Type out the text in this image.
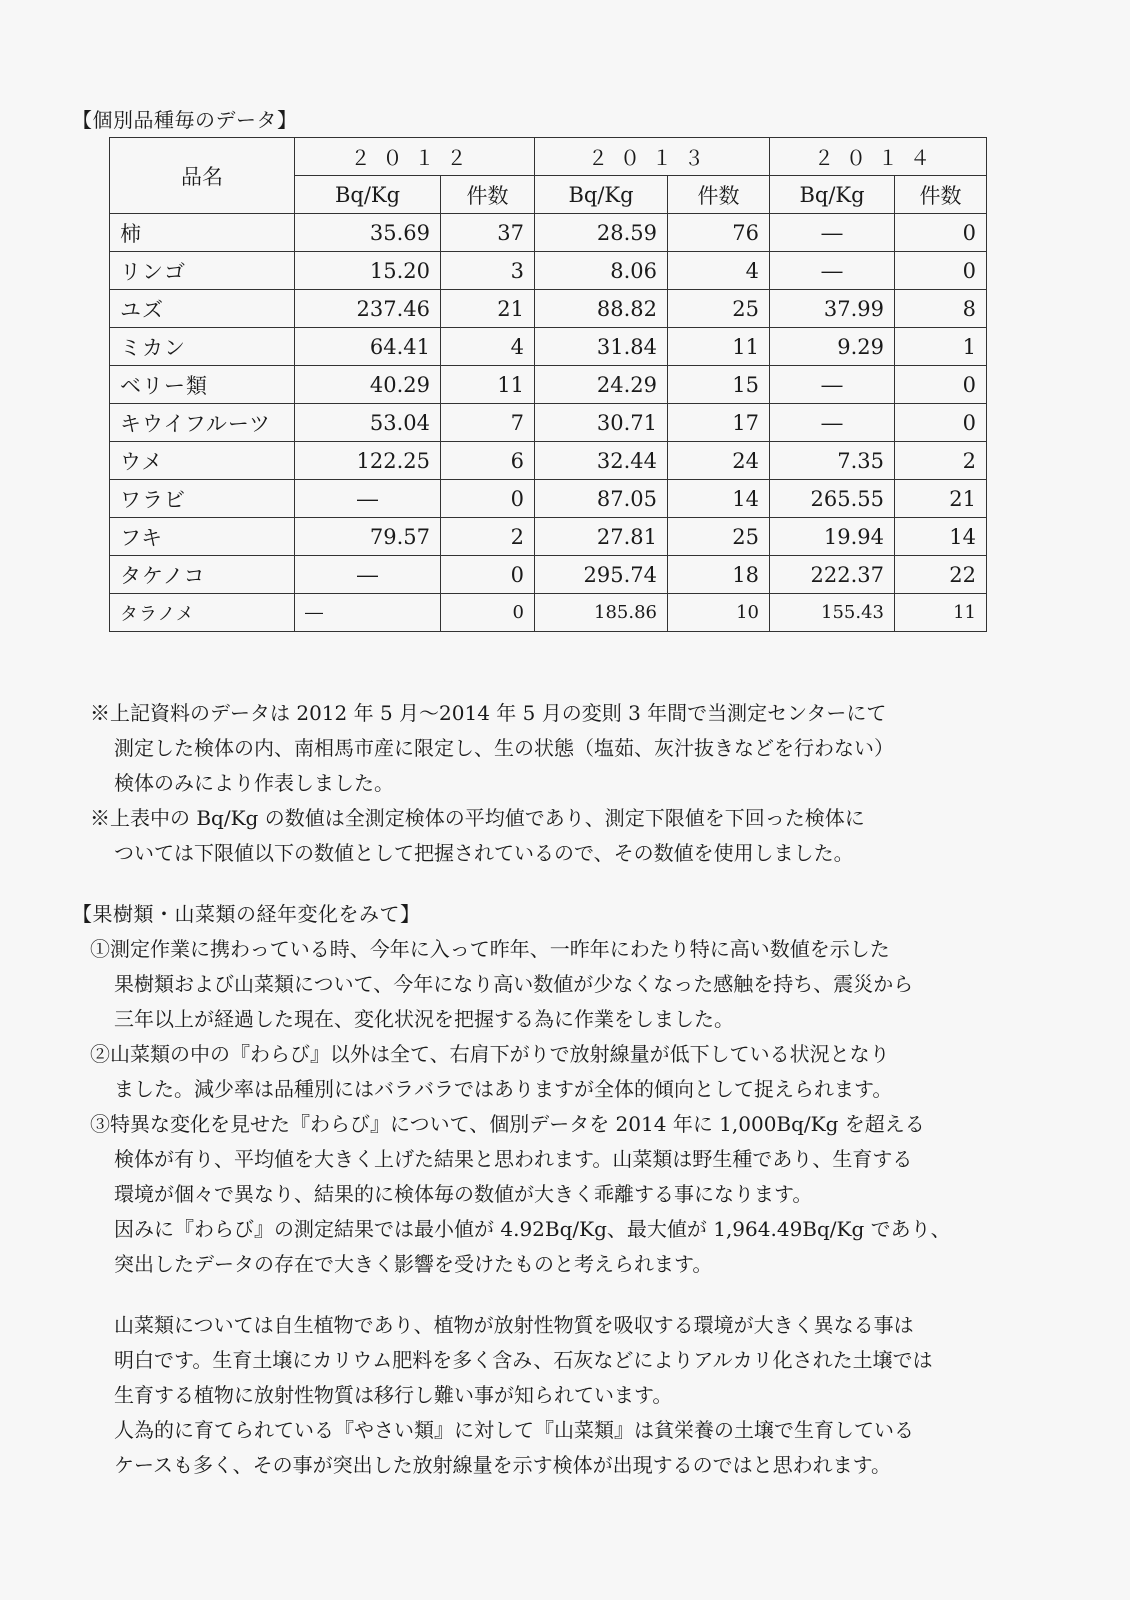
【個別品種毎のデータ】
品名	２０１２		２０１３		２０１４	
	Bq/Kg	件数	Bq/Kg	件数	Bq/Kg	件数
柿	35.69	37	28.59	76	―	0
リンゴ	15.20	3	8.06	4	―	0
ユズ	237.46	21	88.82	25	37.99	8
ミカン	64.41	4	31.84	11	9.29	1
ベリー類	40.29	11	24.29	15	―	0
キウイフルーツ	53.04	7	30.71	17	―	0
ウメ	122.25	6	32.44	24	7.35	2
ワラビ	―	0	87.05	14	265.55	21
フキ	79.57	2	27.81	25	19.94	14
タケノコ	―	0	295.74	18	222.37	22
タラノメ	―	0	185.86	10	155.43	11
※上記資料のデータは 2012 年 5 月～2014 年 5 月の変則 3 年間で当測定センターにて
測定した検体の内、南相馬市産に限定し、生の状態（塩茹、灰汁抜きなどを行わない）
検体のみにより作表しました。
※上表中の Bq/Kg の数値は全測定検体の平均値であり、測定下限値を下回った検体に
ついては下限値以下の数値として把握されているので、その数値を使用しました。
【果樹類・山菜類の経年変化をみて】
①測定作業に携わっている時、今年に入って昨年、一昨年にわたり特に高い数値を示した
果樹類および山菜類について、今年になり高い数値が少なくなった感触を持ち、震災から
三年以上が経過した現在、変化状況を把握する為に作業をしました。
②山菜類の中の『わらび』以外は全て、右肩下がりで放射線量が低下している状況となり
ました。減少率は品種別にはバラバラではありますが全体的傾向として捉えられます。
③特異な変化を見せた『わらび』について、個別データを 2014 年に 1,000Bq/Kg を超える
検体が有り、平均値を大きく上げた結果と思われます。山菜類は野生種であり、生育する
環境が個々で異なり、結果的に検体毎の数値が大きく乖離する事になります。
因みに『わらび』の測定結果では最小値が 4.92Bq/Kg、最大値が 1,964.49Bq/Kg であり、
突出したデータの存在で大きく影響を受けたものと考えられます。
山菜類については自生植物であり、植物が放射性物質を吸収する環境が大きく異なる事は
明白です。生育土壌にカリウム肥料を多く含み、石灰などによりアルカリ化された土壌では
生育する植物に放射性物質は移行し難い事が知られています。
人為的に育てられている『やさい類』に対して『山菜類』は貧栄養の土壌で生育している
ケースも多く、その事が突出した放射線量を示す検体が出現するのではと思われます。
